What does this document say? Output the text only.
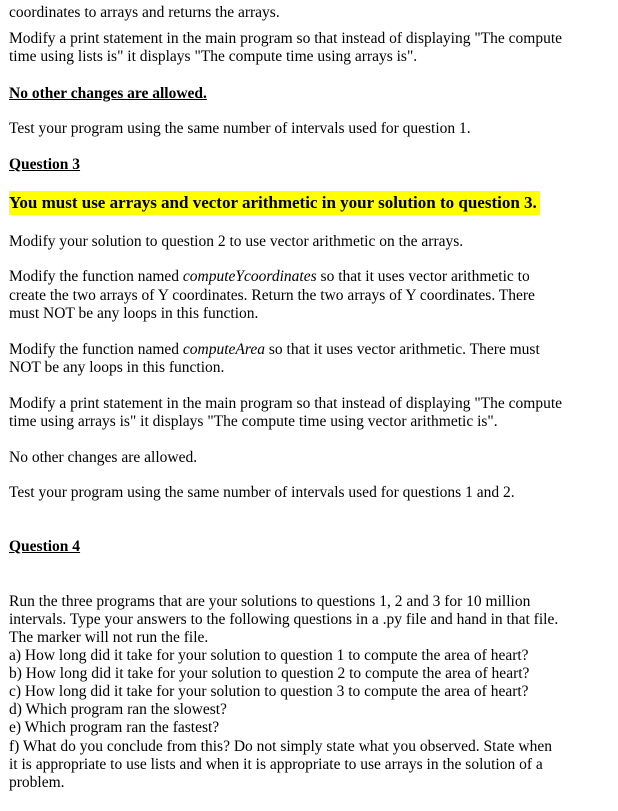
coordinates to arrays and returns the arrays.

Modify a print statement in the main program so that instead of displaying "The compute

time using lists is" it displays "The compute time using arrays is".

No other changes are allowed.

Test your program using the same number of intervals used for question 1.

Question 3

You must use arrays and vector arithmetic in your solution to question 3.

Modify your solution to question 2 to use vector arithmetic on the arrays.

Modify the function named computeYcoordinates so that it uses vector arithmetic to

create the two arrays of Y coordinates. Return the two arrays of Y coordinates. There

must NOT be any loops in this function.

Modify the function named computeArea so that it uses vector arithmetic. There must

NOT be any loops in this function.

Modify a print statement in the main program so that instead of displaying "The compute

time using arrays is" it displays "The compute time using vector arithmetic is".

No other changes are allowed.

Test your program using the same number of intervals used for questions 1 and 2.

Question 4

Run the three programs that are your solutions to questions 1, 2 and 3 for 10 million

intervals. Type your answers to the following questions in a .py file and hand in that file.

The marker will not run the file.

a) How long did it take for your solution to question 1 to compute the area of heart?

b) How long did it take for your solution to question 2 to compute the area of heart?

c) How long did it take for your solution to question 3 to compute the area of heart?

d) Which program ran the slowest?

e) Which program ran the fastest?

f) What do you conclude from this? Do not simply state what you observed. State when

it is appropriate to use lists and when it is appropriate to use arrays in the solution of a

problem.
